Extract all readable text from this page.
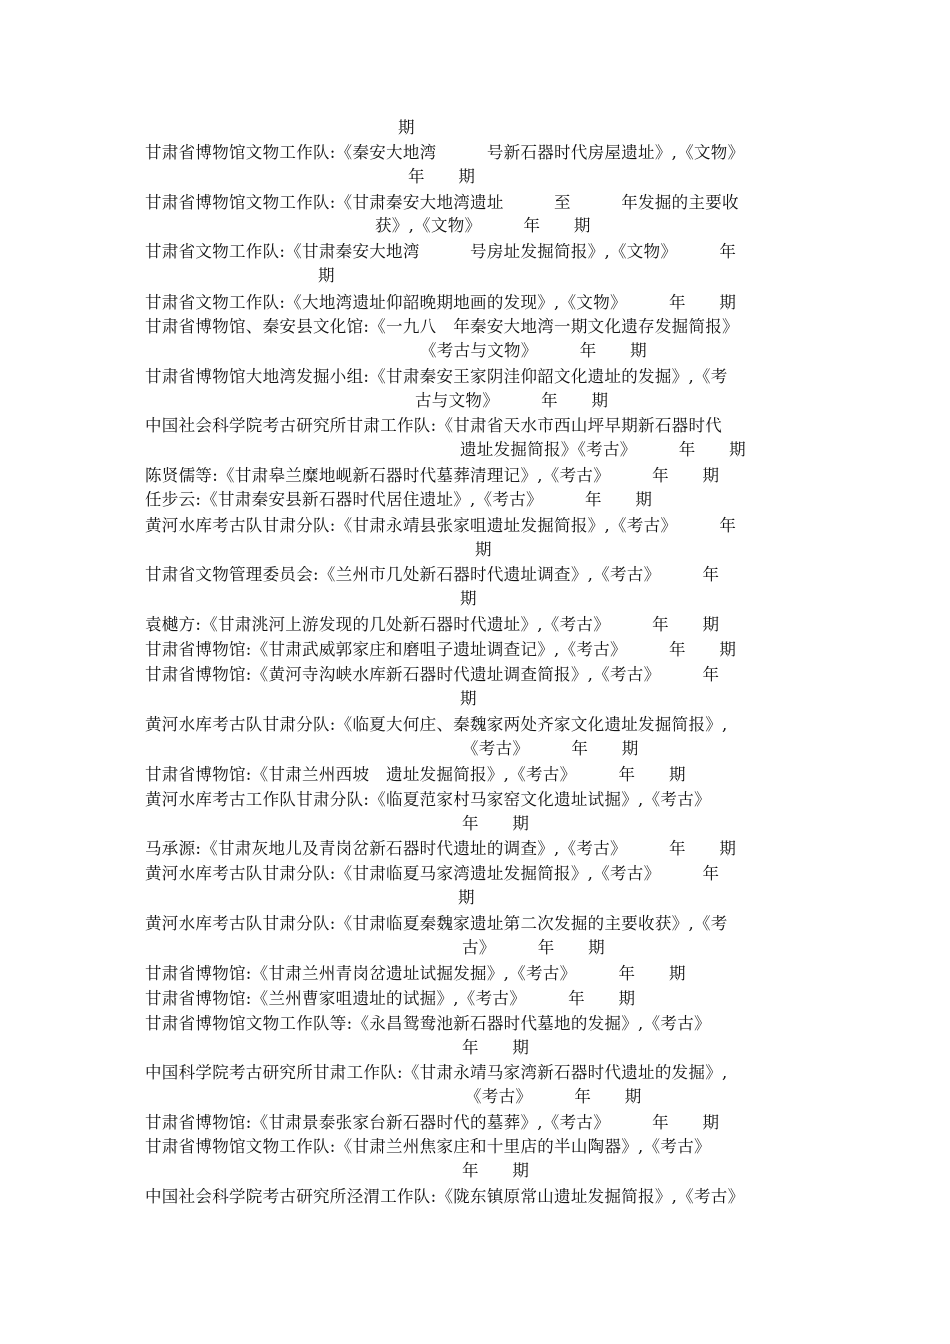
期
甘肃省博物馆文物工作队:《秦安大地湾　　　号新石器时代房屋遗址》,《文物》
年　　期
甘肃省博物馆文物工作队:《甘肃秦安大地湾遗址　　　至　　　年发掘的主要收
获》,《文物》　　　年　　期
甘肃省文物工作队:《甘肃秦安大地湾　　　号房址发掘简报》,《文物》　　　年
期
甘肃省文物工作队:《大地湾遗址仰韶晚期地画的发现》,《文物》　　　年　　期
甘肃省博物馆、秦安县文化馆:《一九八　年秦安大地湾一期文化遗存发掘简报》
《考古与文物》　　　年　　期
甘肃省博物馆大地湾发掘小组:《甘肃秦安王家阴洼仰韶文化遗址的发掘》,《考
古与文物》　　　年　　期
中国社会科学院考古研究所甘肃工作队:《甘肃省天水市西山坪早期新石器时代
遗址发掘简报》《考古》　　　年　　期
陈贤儒等:《甘肃皋兰糜地岘新石器时代墓葬清理记》,《考古》　　　年　　期
任步云:《甘肃秦安县新石器时代居住遗址》,《考古》　　　年　　期
黄河水库考古队甘肃分队:《甘肃永靖县张家咀遗址发掘简报》,《考古》　　　年
期
甘肃省文物管理委员会:《兰州市几处新石器时代遗址调查》,《考古》　　　年
期
袁樾方:《甘肃洮河上游发现的几处新石器时代遗址》,《考古》　　　年　　期
甘肃省博物馆:《甘肃武威郭家庄和磨咀子遗址调查记》,《考古》　　　年　　期
甘肃省博物馆:《黄河寺沟峡水库新石器时代遗址调查简报》,《考古》　　　年
期
黄河水库考古队甘肃分队:《临夏大何庄、秦魏家两处齐家文化遗址发掘简报》,
《考古》　　　年　　期
甘肃省博物馆:《甘肃兰州西坡　遗址发掘简报》,《考古》　　　年　　期
黄河水库考古工作队甘肃分队:《临夏范家村马家窑文化遗址试掘》,《考古》
年　　期
马承源:《甘肃灰地儿及青岗岔新石器时代遗址的调查》,《考古》　　　年　　期
黄河水库考古队甘肃分队:《甘肃临夏马家湾遗址发掘简报》,《考古》　　　年
期
黄河水库考古队甘肃分队:《甘肃临夏秦魏家遗址第二次发掘的主要收获》,《考
古》　　　年　　期
甘肃省博物馆:《甘肃兰州青岗岔遗址试掘发掘》,《考古》　　　年　　期
甘肃省博物馆:《兰州曹家咀遗址的试掘》,《考古》　　　年　　期
甘肃省博物馆文物工作队等:《永昌鸳鸯池新石器时代墓地的发掘》,《考古》
年　　期
中国科学院考古研究所甘肃工作队:《甘肃永靖马家湾新石器时代遗址的发掘》,
《考古》　　　年　　期
甘肃省博物馆:《甘肃景泰张家台新石器时代的墓葬》,《考古》　　　年　　期
甘肃省博物馆文物工作队:《甘肃兰州焦家庄和十里店的半山陶器》,《考古》
年　　期
中国社会科学院考古研究所泾渭工作队:《陇东镇原常山遗址发掘简报》,《考古》
